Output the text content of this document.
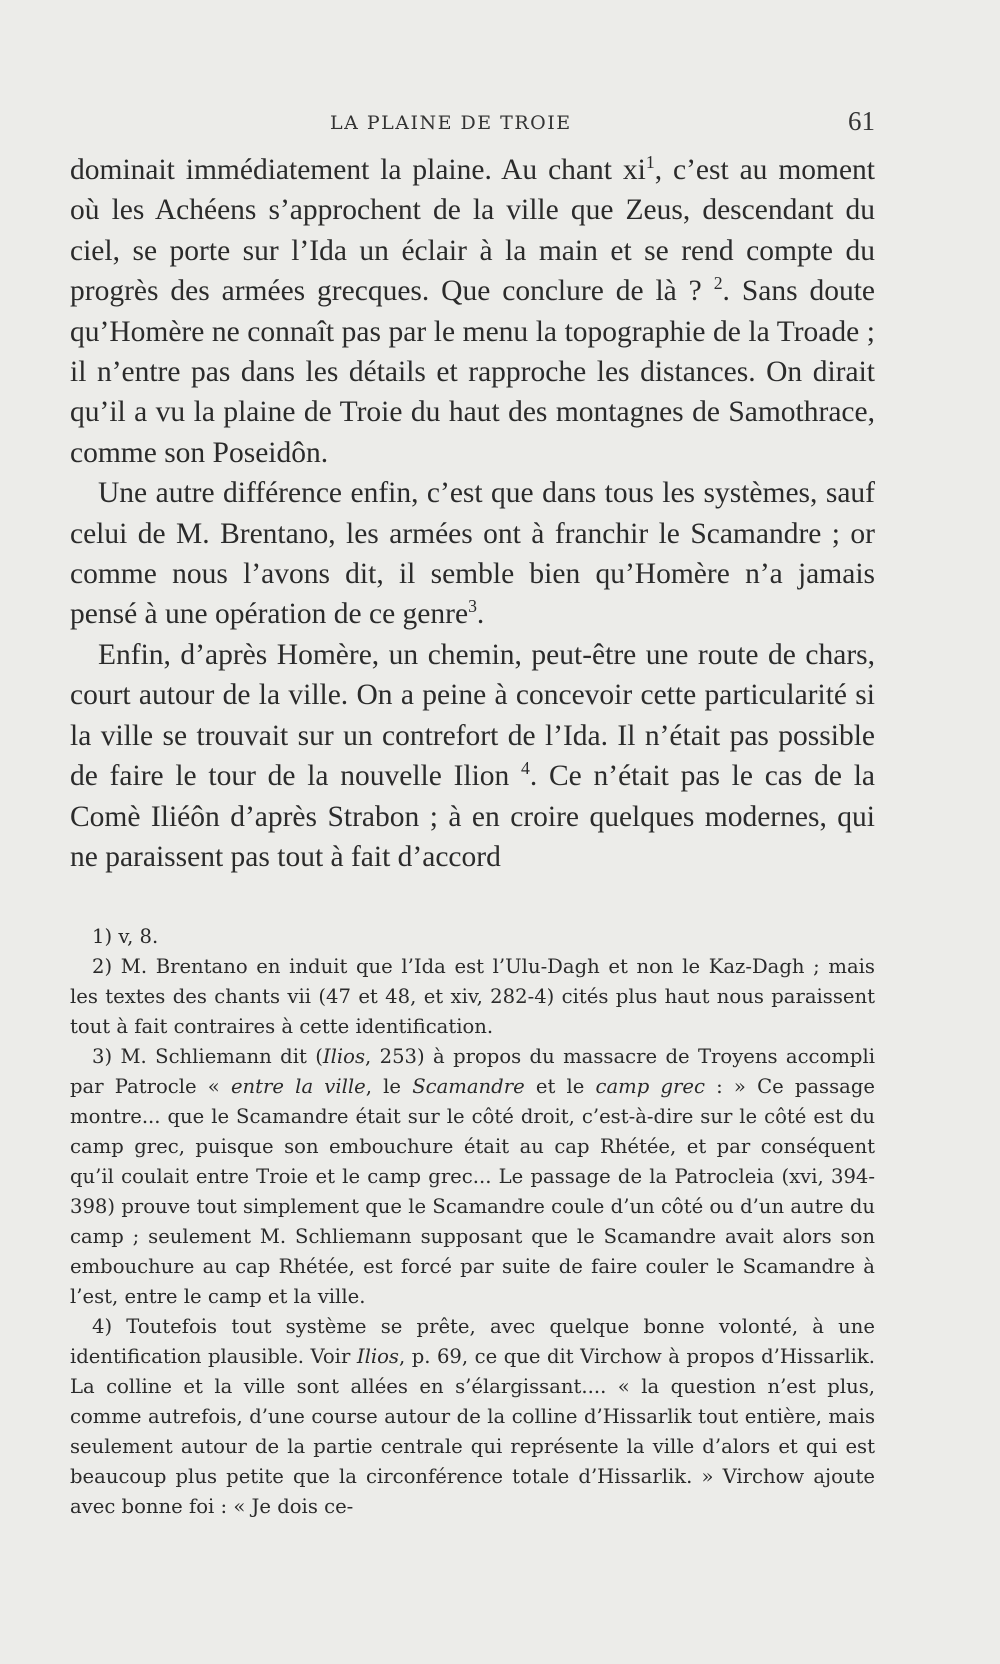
LA PLAINE DE TROIE	61

dominait immédiatement la plaine. Au chant $xi^1$, c’est au moment où les Achéens s’approchent de la ville que Zeus, descendant du ciel, se porte sur l’Ida un éclair à la main et se rend compte du progrès des armées grecques. Que conclure de là ? $^2$. Sans doute qu’Homère ne connaît pas par le menu la topographie de la Troade ; il n’entre pas dans les détails et rapproche les distances. On dirait qu’il a vu la plaine de Troie du haut des montagnes de Samothrace, comme son Poseidôn.

Une autre différence enfin, c’est que dans tous les systèmes, sauf celui de M. Brentano, les armées ont à franchir le Scamandre ; or comme nous l’avons dit, il semble bien qu’Homère n’a jamais pensé à une opération de ce genre$^3$.

Enfin, d’après Homère, un chemin, peut-être une route de chars, court autour de la ville. On a peine à concevoir cette particularité si la ville se trouvait sur un contrefort de l’Ida. Il n’était pas possible de faire le tour de la nouvelle Ilion $^4$. Ce n’était pas le cas de la Comè Iliéôn d’après Strabon ; à en croire quelques modernes, qui ne paraissent pas tout à fait d’accord

1) v, 8.

2) M. Brentano en induit que l’Ida est l’Ulu-Dagh et non le Kaz-Dagh ; mais les textes des chants vii (47 et 48, et xiv, 282-4) cités plus haut nous paraissent tout à fait contraires à cette identification.

3) M. Schliemann dit (Ilios, 253) à propos du massacre de Troyens accompli par Patrocle « entre la ville, le Scamandre et le camp grec : » Ce passage montre... que le Scamandre était sur le côté droit, c’est-à-dire sur le côté est du camp grec, puisque son embouchure était au cap Rhétée, et par conséquent qu’il coulait entre Troie et le camp grec... Le passage de la Patrocleia (xvi, 394-398) prouve tout simplement que le Scamandre coule d’un côté ou d’un autre du camp ; seulement M. Schliemann supposant que le Scamandre avait alors son embouchure au cap Rhétée, est forcé par suite de faire couler le Scamandre à l’est, entre le camp et la ville.

4) Toutefois tout système se prête, avec quelque bonne volonté, à une identification plausible. Voir Ilios, p. 69, ce que dit Virchow à propos d’Hissarlik. La colline et la ville sont allées en s’élargissant.... « la question n’est plus, comme autrefois, d’une course autour de la colline d’Hissarlik tout entière, mais seulement autour de la partie centrale qui représente la ville d’alors et qui est beaucoup plus petite que la circonférence totale d’Hissarlik. » Virchow ajoute avec bonne foi : « Je dois ce-
